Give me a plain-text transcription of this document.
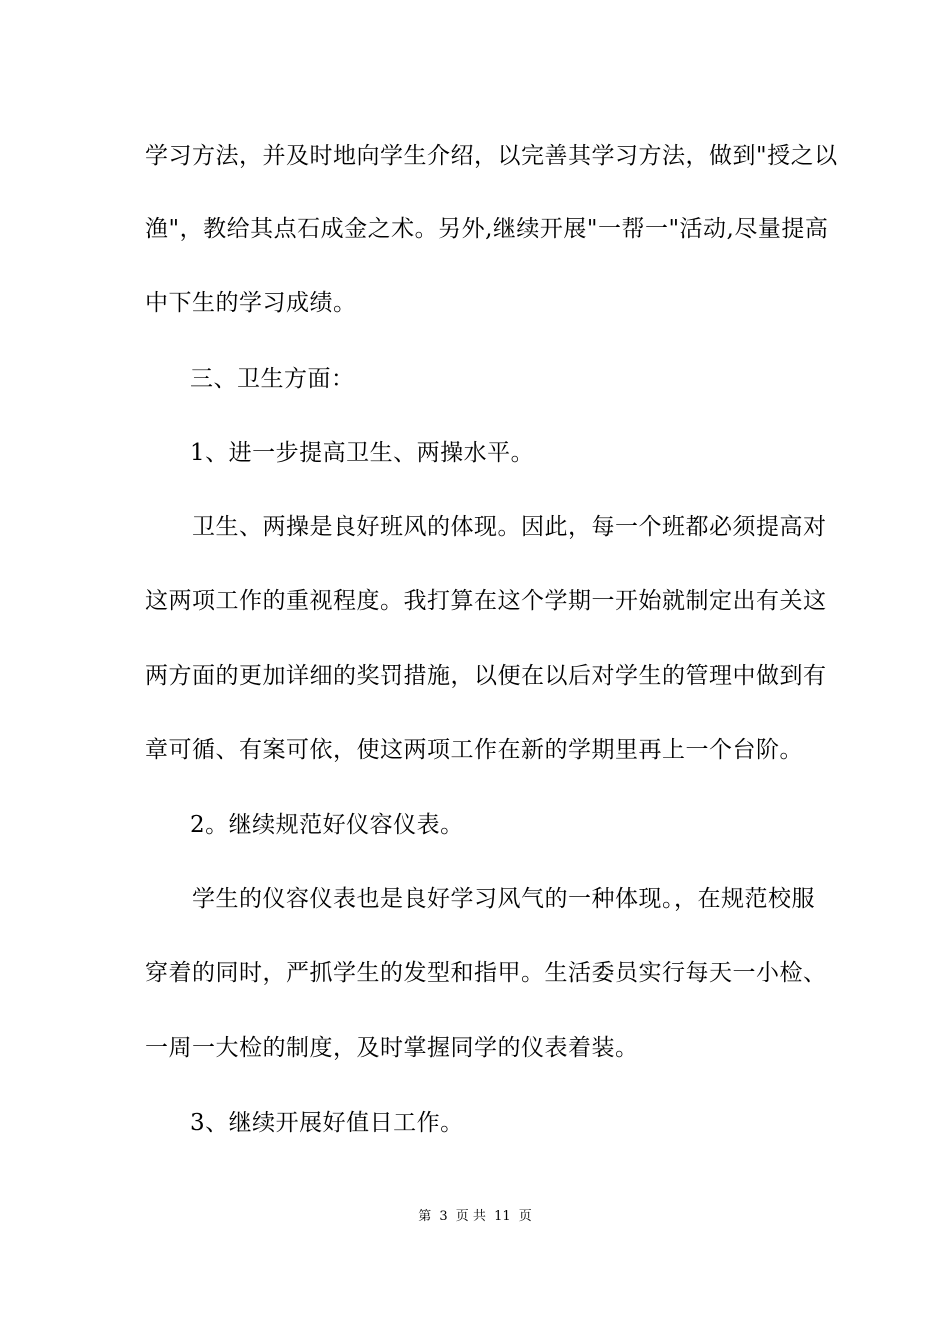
学习方法，并及时地向学生介绍，以完善其学习方法，做到"授之以
渔"，教给其点石成金之术。另外,继续开展"一帮一"活动,尽量提高
中下生的学习成绩。
三、卫生方面：
1、进一步提高卫生、两操水平。
卫生、两操是良好班风的体现。因此，每一个班都必须提高对
这两项工作的重视程度。我打算在这个学期一开始就制定出有关这
两方面的更加详细的奖罚措施，以便在以后对学生的管理中做到有
章可循、有案可依，使这两项工作在新的学期里再上一个台阶。
2。继续规范好仪容仪表。
学生的仪容仪表也是良好学习风气的一种体现。，在规范校服
穿着的同时，严抓学生的发型和指甲。生活委员实行每天一小检、
一周一大检的制度，及时掌握同学的仪表着装。
3、继续开展好值日工作。
第 3 页 共 11 页
